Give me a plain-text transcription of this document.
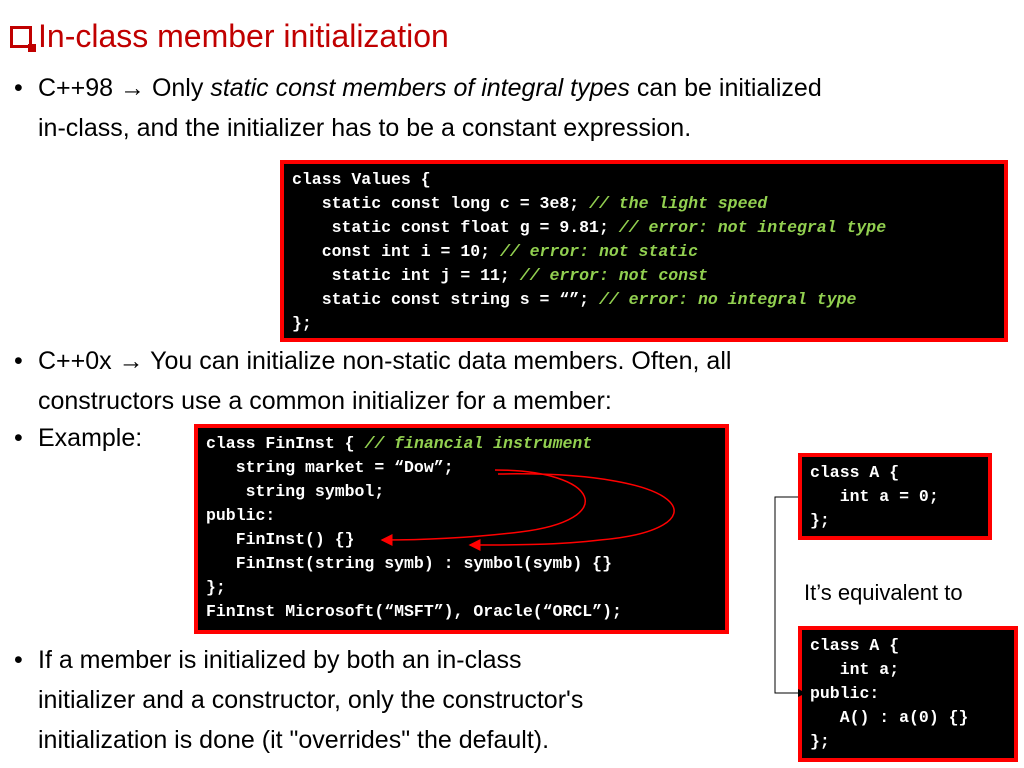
In-class member initialization
• C++98 → Only static const members of integral types can be initialized
in-class, and the initializer has to be a constant expression.
class Values {
static const long c = 3e8; // the light speed
static const float g = 9.81; // error: not integral type
const int i = 10; // error: not static
static int j = 11; // error: not const
static const string s = “”; // error: no integral type
};
• C++0x → You can initialize non-static data members. Often, all
constructors use a common initializer for a member:
• Example:	class FinInst { // financial instrument
string market = “Dow”;
string symbol;
public:
FinInst() {}
FinInst(string symb) : symbol(symb) {}
};
FinInst Microsoft(“MSFT”), Oracle(“ORCL”);
class A {
int a = 0;
};
It’s equivalent to
class A {
int a;
public:
A() : a(0) {}
};
• If a member is initialized by both an in-class
initializer and a constructor, only the constructor's
initialization is done (it "overrides" the default).
